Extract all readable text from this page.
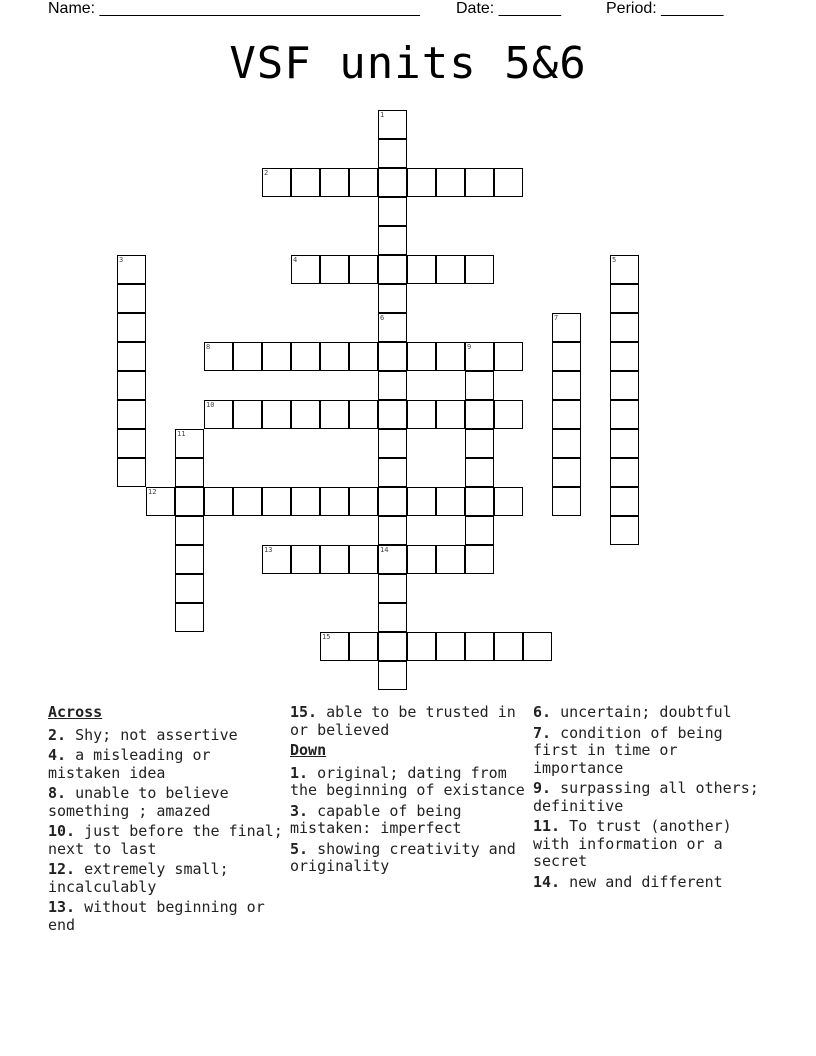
Name: ____________________________________

Date: _______

	Period: _______

VSF units 5&6
1
6
2
3	4	5
14
7
8	9
10
11
12
13
15
Across
2. Shy; not assertive
4. a misleading or mistaken idea
8. unable to believe something ; amazed
10. just before the final; next to last
12. extremely small; incalculably
13. without beginning or end
15. able to be trusted in or believed
Down
1. original; dating from the beginning of existance
3. capable of being mistaken: imperfect
5. showing creativity and originality
6. uncertain; doubtful
7. condition of being first in time or importance
9. surpassing all others; definitive
11. To trust (another) with information or a secret
14. new and different
